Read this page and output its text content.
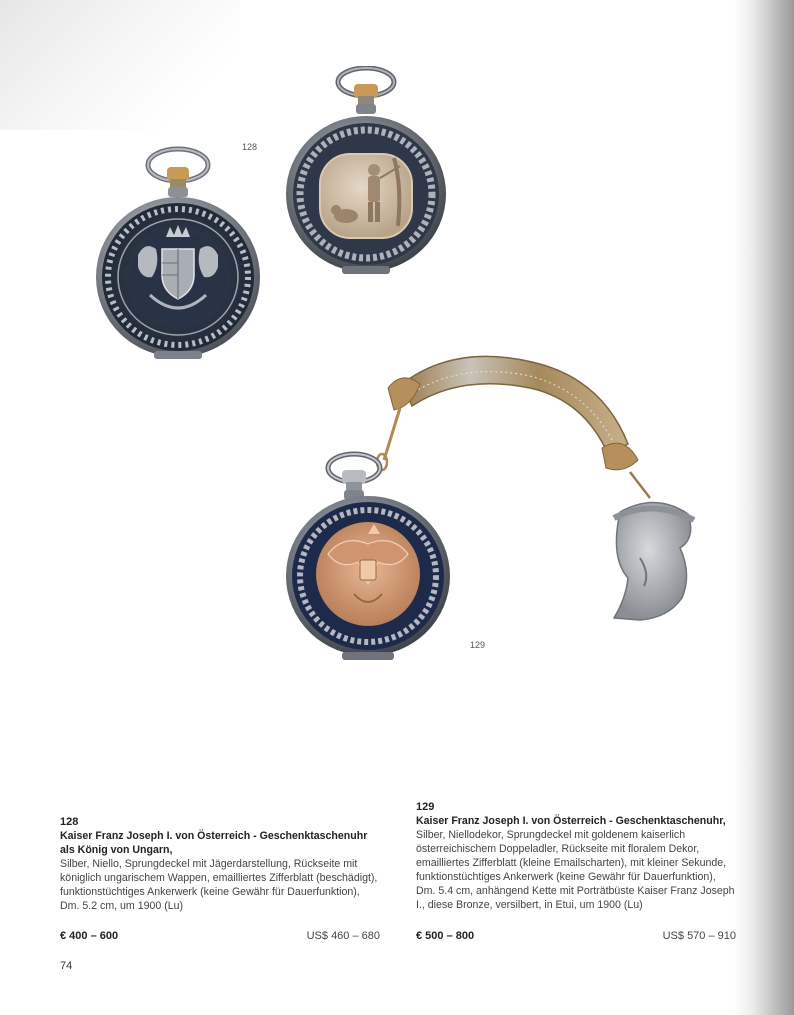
128
129
128
Kaiser Franz Joseph I. von Österreich - Geschenktaschenuhr als König von Ungarn,
Silber, Niello, Sprungdeckel mit Jägerdarstellung, Rückseite mit königlich ungarischem Wappen, emailliertes Zifferblatt (beschädigt), funktionstüchtiges Ankerwerk (keine Gewähr für Dauerfunktion), Dm. 5.2 cm, um 1900 (Lu)
€ 400 – 600	US$ 460 – 680
129
Kaiser Franz Joseph I. von Österreich - Geschenktaschenuhr,
Silber, Niellodekor, Sprungdeckel mit goldenem kaiserlich österreichischem Doppeladler, Rückseite mit floralem Dekor, emailliertes Zifferblatt (kleine Emailscharten), mit kleiner Sekunde, funktionstüchtiges Ankerwerk (keine Gewähr für Dauerfunktion), Dm. 5.4 cm, anhängend Kette mit Porträtbüste Kaiser Franz Joseph I., diese Bronze, versilbert, in Etui, um 1900 (Lu)
€ 500 – 800	US$ 570 – 910
74
